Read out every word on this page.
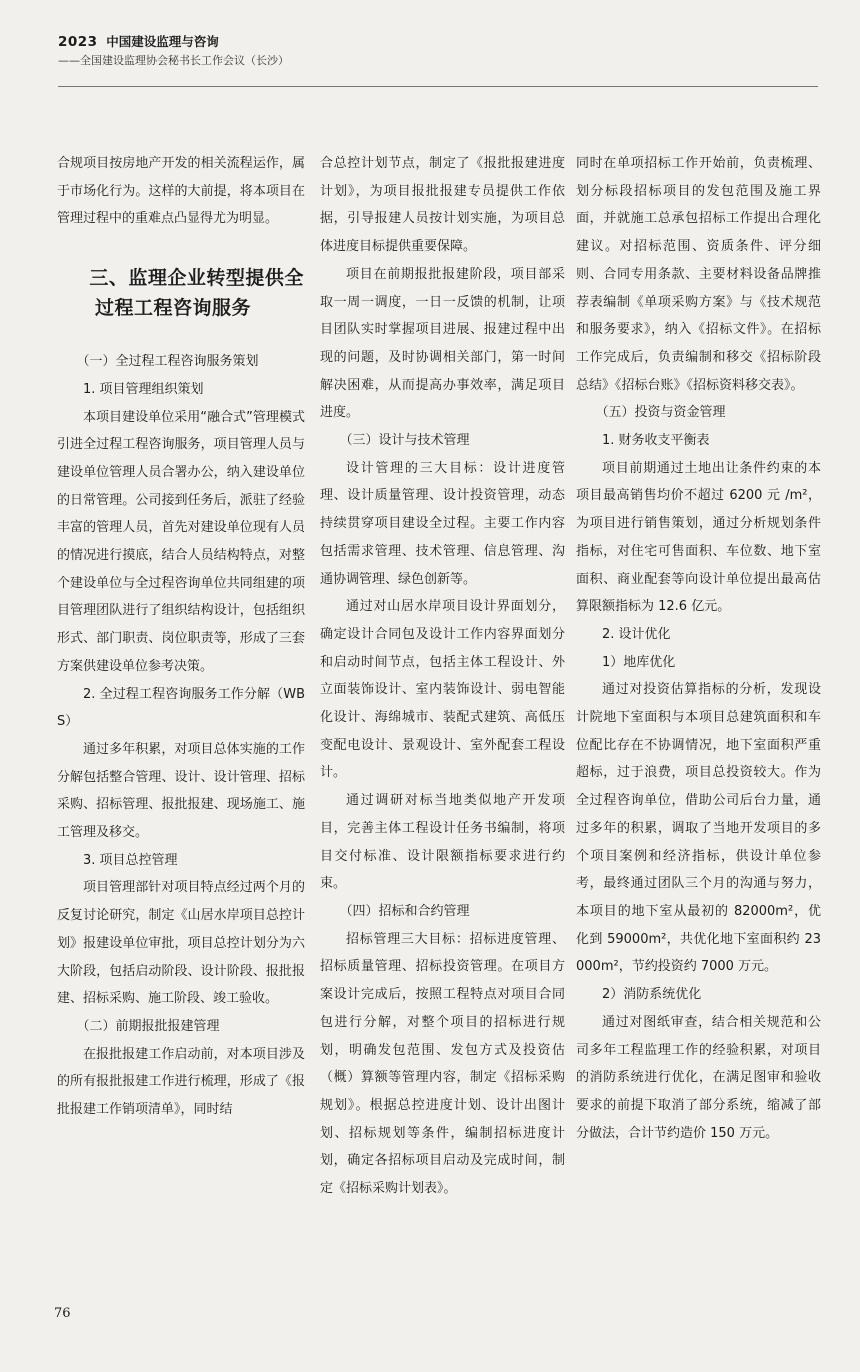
2023 中国建设监理与咨询
——全国建设监理协会秘书长工作会议（长沙）

合规项目按房地产开发的相关流程运作，属于市场化行为。这样的大前提，将本项目在管理过程中的重难点凸显得尤为明显。

三、监理企业转型提供全过程工程咨询服务

（一）全过程工程咨询服务策划

1. 项目管理组织策划

本项目建设单位采用“融合式”管理模式引进全过程工程咨询服务，项目管理人员与建设单位管理人员合署办公，纳入建设单位的日常管理。公司接到任务后，派驻了经验丰富的管理人员，首先对建设单位现有人员的情况进行摸底，结合人员结构特点，对整个建设单位与全过程咨询单位共同组建的项目管理团队进行了组织结构设计，包括组织形式、部门职责、岗位职责等，形成了三套方案供建设单位参考决策。

2. 全过程工程咨询服务工作分解（WBS）

通过多年积累，对项目总体实施的工作分解包括整合管理、设计、设计管理、招标采购、招标管理、报批报建、现场施工、施工管理及移交。

3. 项目总控管理

项目管理部针对项目特点经过两个月的反复讨论研究，制定《山居水岸项目总控计划》报建设单位审批，项目总控计划分为六大阶段，包括启动阶段、设计阶段、报批报建、招标采购、施工阶段、竣工验收。

（二）前期报批报建管理

在报批报建工作启动前，对本项目涉及的所有报批报建工作进行梳理，形成了《报批报建工作销项清单》，同时结

合总控计划节点，制定了《报批报建进度计划》，为项目报批报建专员提供工作依据，引导报建人员按计划实施，为项目总体进度目标提供重要保障。

项目在前期报批报建阶段，项目部采取一周一调度，一日一反馈的机制，让项目团队实时掌握项目进展、报建过程中出现的问题，及时协调相关部门，第一时间解决困难，从而提高办事效率，满足项目进度。

（三）设计与技术管理

设计管理的三大目标：设计进度管理、设计质量管理、设计投资管理，动态持续贯穿项目建设全过程。主要工作内容包括需求管理、技术管理、信息管理、沟通协调管理、绿色创新等。

通过对山居水岸项目设计界面划分，确定设计合同包及设计工作内容界面划分和启动时间节点，包括主体工程设计、外立面装饰设计、室内装饰设计、弱电智能化设计、海绵城市、装配式建筑、高低压变配电设计、景观设计、室外配套工程设计。

通过调研对标当地类似地产开发项目，完善主体工程设计任务书编制，将项目交付标准、设计限额指标要求进行约束。

（四）招标和合约管理

招标管理三大目标：招标进度管理、招标质量管理、招标投资管理。在项目方案设计完成后，按照工程特点对项目合同包进行分解，对整个项目的招标进行规划，明确发包范围、发包方式及投资估（概）算额等管理内容，制定《招标采购规划》。根据总控进度计划、设计出图计划、招标规划等条件，编制招标进度计划，确定各招标项目启动及完成时间，制定《招标采购计划表》。

同时在单项招标工作开始前，负责梳理、划分标段招标项目的发包范围及施工界面，并就施工总承包招标工作提出合理化建议。对招标范围、资质条件、评分细则、合同专用条款、主要材料设备品牌推荐表编制《单项采购方案》与《技术规范和服务要求》，纳入《招标文件》。在招标工作完成后，负责编制和移交《招标阶段总结》《招标台账》《招标资料移交表》。

（五）投资与资金管理

1. 财务收支平衡表

项目前期通过土地出让条件约束的本项目最高销售均价不超过 6200 元 /m²，为项目进行销售策划，通过分析规划条件指标，对住宅可售面积、车位数、地下室面积、商业配套等向设计单位提出最高估算限额指标为 12.6 亿元。

2. 设计优化

1）地库优化

通过对投资估算指标的分析，发现设计院地下室面积与本项目总建筑面积和车位配比存在不协调情况，地下室面积严重超标，过于浪费，项目总投资较大。作为全过程咨询单位，借助公司后台力量，通过多年的积累，调取了当地开发项目的多个项目案例和经济指标，供设计单位参考，最终通过团队三个月的沟通与努力，本项目的地下室从最初的 82000m²，优化到 59000m²，共优化地下室面积约 23000m²，节约投资约 7000 万元。

2）消防系统优化

通过对图纸审查，结合相关规范和公司多年工程监理工作的经验积累，对项目的消防系统进行优化，在满足图审和验收要求的前提下取消了部分系统，缩减了部分做法，合计节约造价 150 万元。

76
